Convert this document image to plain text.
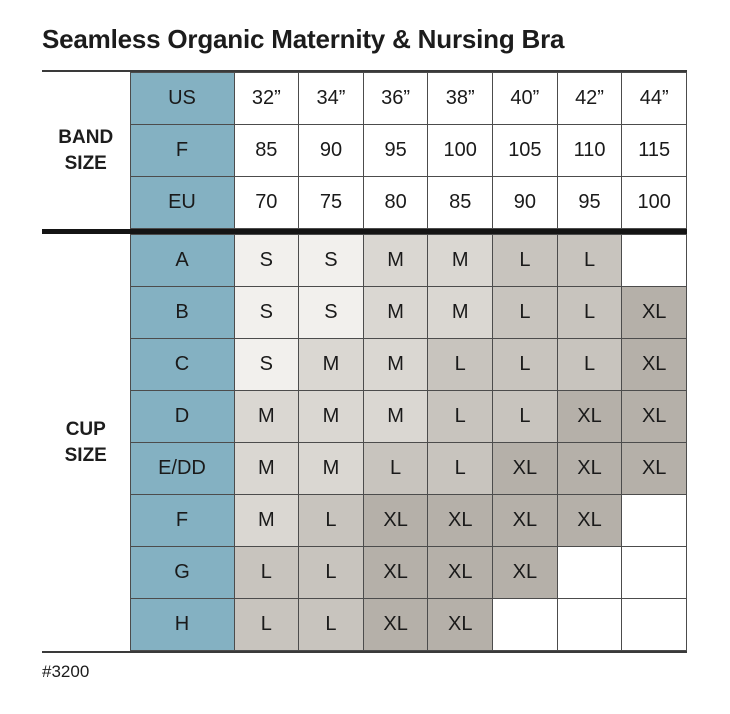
Seamless Organic Maternity & Nursing Bra
BAND SIZE	US	32”	34”	36”	38”	40”	42”	44”
	F	85	90	95	100	105	110	115
	EU	70	75	80	85	90	95	100

CUP SIZE	A	S	S	M	M	L	L	
	B	S	S	M	M	L	L	XL
	C	S	M	M	L	L	L	XL
	D	M	M	M	L	L	XL	XL
	E/DD	M	M	L	L	XL	XL	XL
	F	M	L	XL	XL	XL	XL	
	G	L	L	XL	XL	XL		
	H	L	L	XL	XL			
#3200
